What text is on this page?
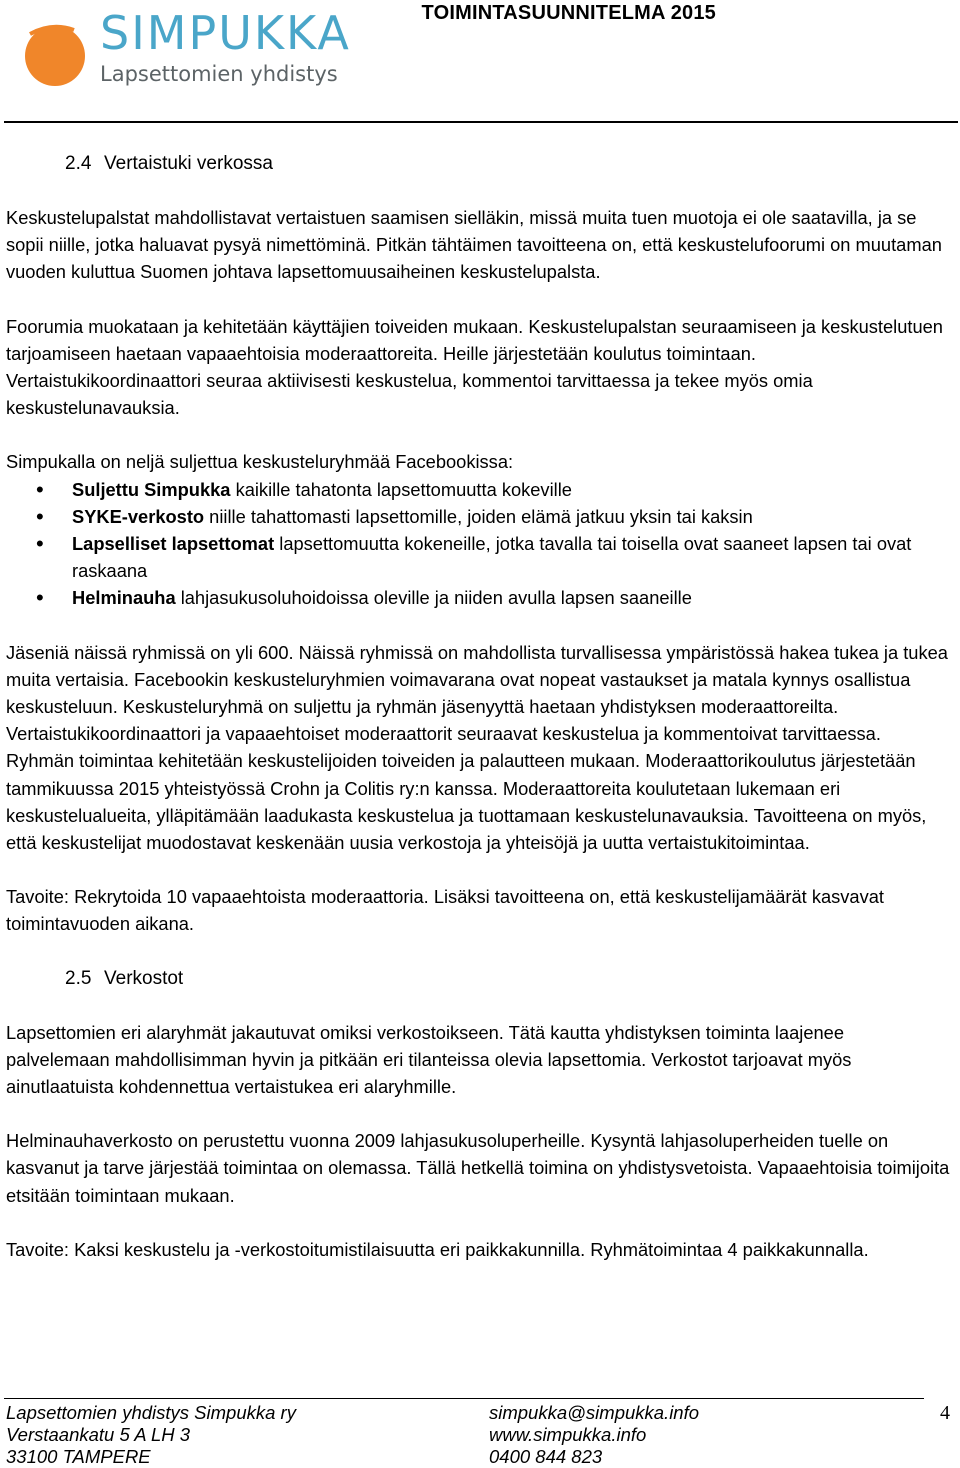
SIMPUKKA
Lapsettomien yhdistys
TOIMINTASUUNNITELMA 2015
2.4 Vertaistuki verkossa

Keskustelupalstat mahdollistavat vertaistuen saamisen sielläkin, missä muita tuen muotoja ei ole saatavilla, ja se sopii niille, jotka haluavat pysyä nimettöminä. Pitkän tähtäimen tavoitteena on, että keskustelufoorumi on muutaman vuoden kuluttua Suomen johtava lapsettomuusaiheinen keskustelupalsta.

Foorumia muokataan ja kehitetään käyttäjien toiveiden mukaan. Keskustelupalstan seuraamiseen ja keskustelutuen tarjoamiseen haetaan vapaaehtoisia moderaattoreita. Heille järjestetään koulutus toimintaan. Vertaistukikoordinaattori seuraa aktiivisesti keskustelua, kommentoi tarvittaessa ja tekee myös omia keskustelunavauksia.

Simpukalla on neljä suljettua keskusteluryhmää Facebookissa:

• Suljettu Simpukka kaikille tahatonta lapsettomuutta kokeville
• SYKE-verkosto niille tahattomasti lapsettomille, joiden elämä jatkuu yksin tai kaksin
• Lapselliset lapsettomat lapsettomuutta kokeneille, jotka tavalla tai toisella ovat saaneet lapsen tai ovat raskaana
• Helminauha lahjasukusoluhoidoissa oleville ja niiden avulla lapsen saaneille

Jäseniä näissä ryhmissä on yli 600. Näissä ryhmissä on mahdollista turvallisessa ympäristössä hakea tukea ja tukea muita vertaisia. Facebookin keskusteluryhmien voimavarana ovat nopeat vastaukset ja matala kynnys osallistua keskusteluun. Keskusteluryhmä on suljettu ja ryhmän jäsenyyttä haetaan yhdistyksen moderaattoreilta. Vertaistukikoordinaattori ja vapaaehtoiset moderaattorit seuraavat keskustelua ja kommentoivat tarvittaessa. Ryhmän toimintaa kehitetään keskustelijoiden toiveiden ja palautteen mukaan. Moderaattorikoulutus järjestetään tammikuussa 2015 yhteistyössä Crohn ja Colitis ry:n kanssa. Moderaattoreita koulutetaan lukemaan eri keskustelualueita, ylläpitämään laadukasta keskustelua ja tuottamaan keskustelunavauksia. Tavoitteena on myös, että keskustelijat muodostavat keskenään uusia verkostoja ja yhteisöjä ja uutta vertaistukitoimintaa.

Tavoite: Rekrytoida 10 vapaaehtoista moderaattoria. Lisäksi tavoitteena on, että keskustelijamäärät kasvavat toimintavuoden aikana.

2.5 Verkostot

Lapsettomien eri alaryhmät jakautuvat omiksi verkostoikseen. Tätä kautta yhdistyksen toiminta laajenee palvelemaan mahdollisimman hyvin ja pitkään eri tilanteissa olevia lapsettomia. Verkostot tarjoavat myös ainutlaatuista kohdennettua vertaistukea eri alaryhmille.

Helminauhaverkosto on perustettu vuonna 2009 lahjasukusoluperheille. Kysyntä lahjasoluperheiden tuelle on kasvanut ja tarve järjestää toimintaa on olemassa. Tällä hetkellä toimina on yhdistysvetoista. Vapaaehtoisia toimijoita etsitään toimintaan mukaan.

Tavoite: Kaksi keskustelu ja -verkostoitumistilaisuutta eri paikkakunnilla. Ryhmätoimintaa 4 paikkakunnalla.

Lapsettomien yhdistys Simpukka ry
Verstaankatu 5 A LH 3
33100 TAMPERE
simpukka@simpukka.info
www.simpukka.info
0400 844 823
4
